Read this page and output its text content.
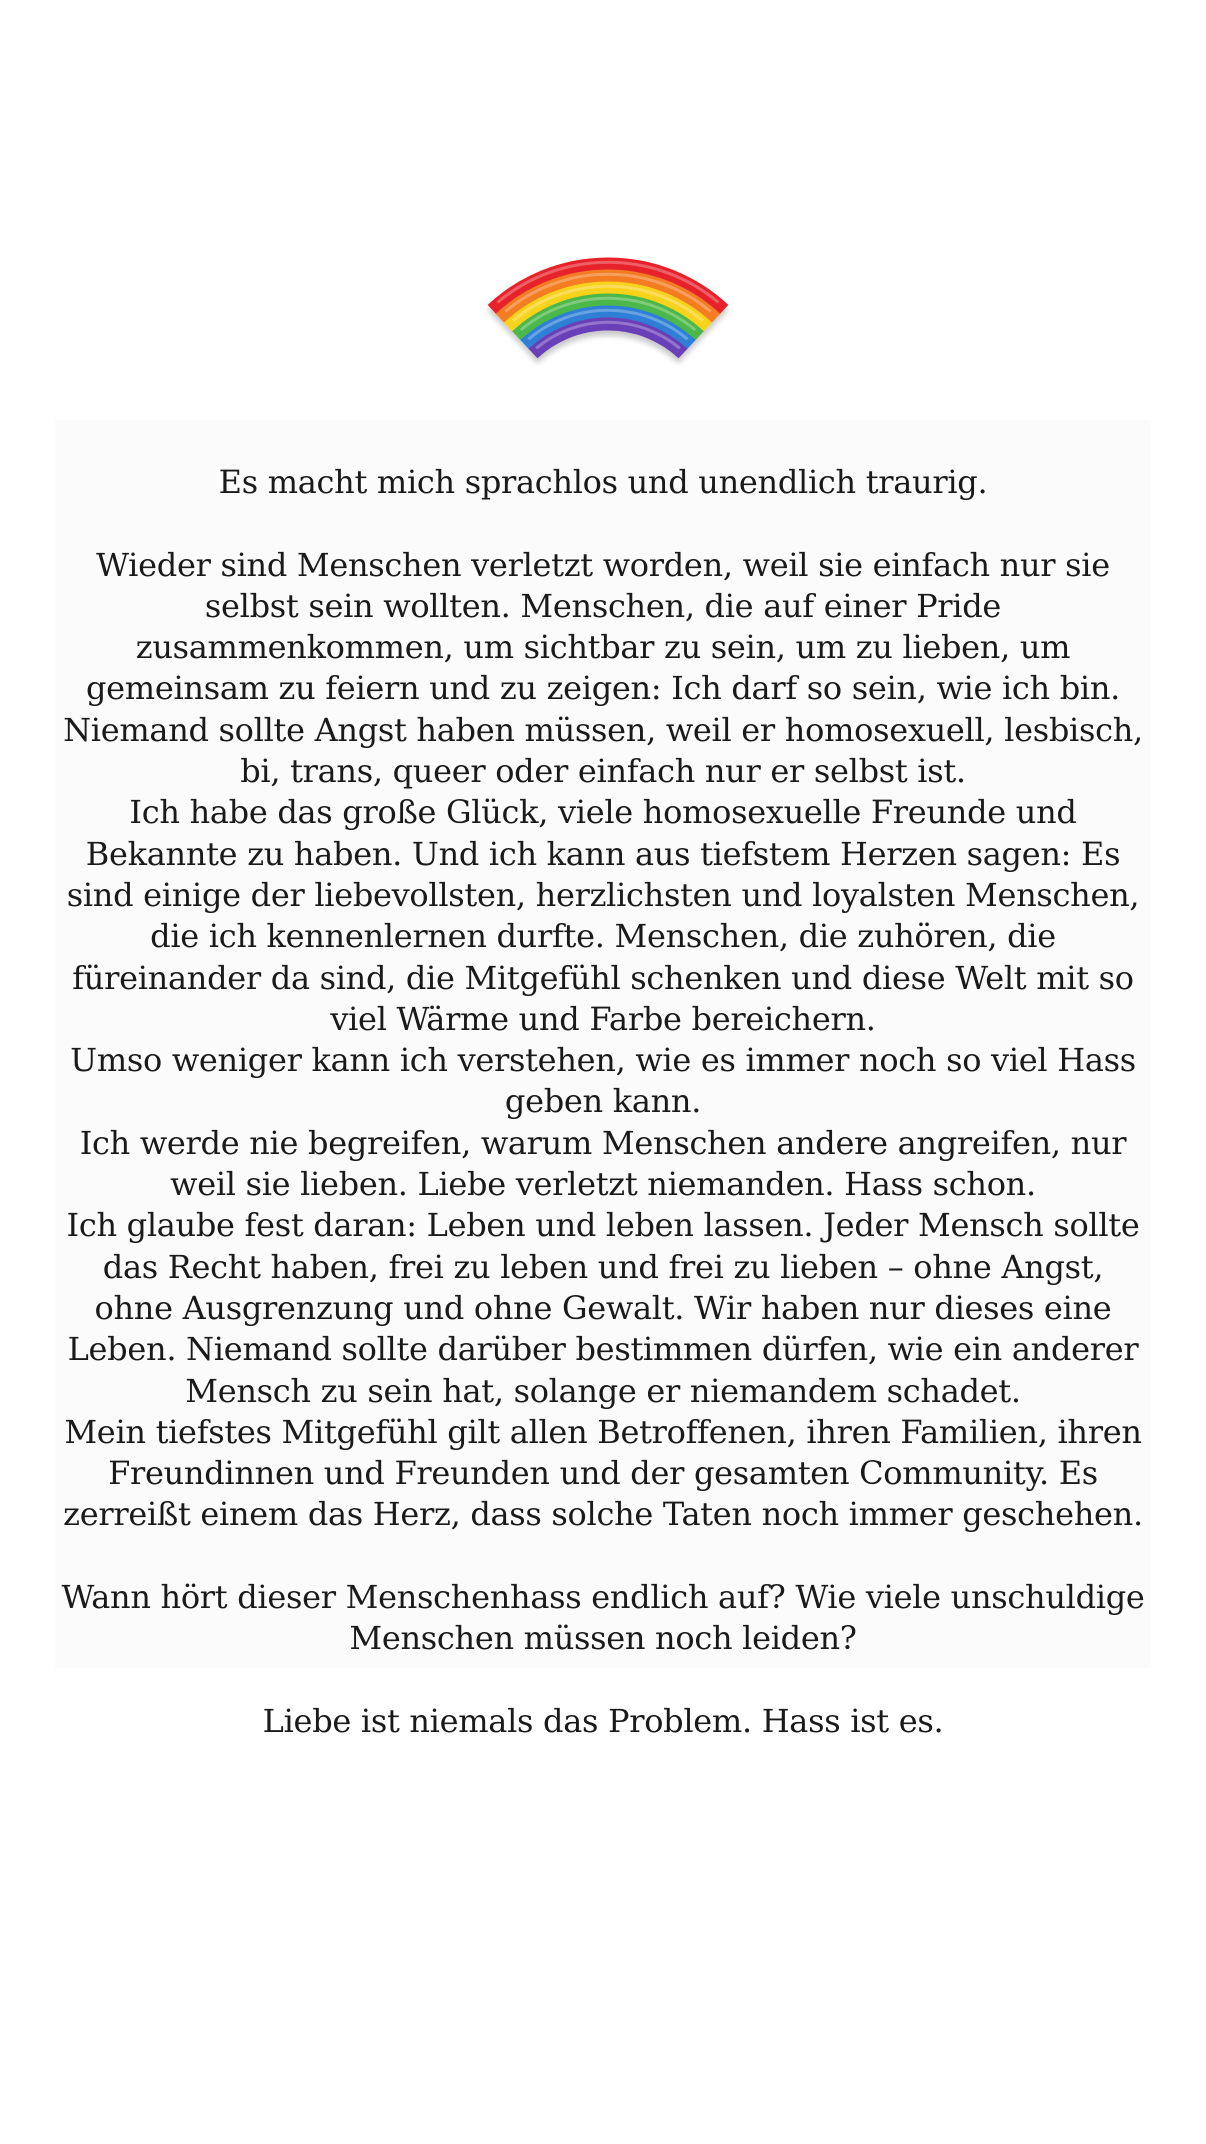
Es macht mich sprachlos und unendlich traurig.

Wieder sind Menschen verletzt worden, weil sie einfach nur sie selbst sein wollten. Menschen, die auf einer Pride zusammenkommen, um sichtbar zu sein, um zu lieben, um gemeinsam zu feiern und zu zeigen: Ich darf so sein, wie ich bin.

Niemand sollte Angst haben müssen, weil er homosexuell, lesbisch, bi, trans, queer oder einfach nur er selbst ist.

Ich habe das große Glück, viele homosexuelle Freunde und Bekannte zu haben. Und ich kann aus tiefstem Herzen sagen: Es sind einige der liebevollsten, herzlichsten und loyalsten Menschen, die ich kennenlernen durfte. Menschen, die zuhören, die füreinander da sind, die Mitgefühl schenken und diese Welt mit so viel Wärme und Farbe bereichern.

Umso weniger kann ich verstehen, wie es immer noch so viel Hass geben kann.

Ich werde nie begreifen, warum Menschen andere angreifen, nur weil sie lieben. Liebe verletzt niemanden. Hass schon.

Ich glaube fest daran: Leben und leben lassen. Jeder Mensch sollte das Recht haben, frei zu leben und frei zu lieben – ohne Angst, ohne Ausgrenzung und ohne Gewalt. Wir haben nur dieses eine Leben. Niemand sollte darüber bestimmen dürfen, wie ein anderer Mensch zu sein hat, solange er niemandem schadet.

Mein tiefstes Mitgefühl gilt allen Betroffenen, ihren Familien, ihren Freundinnen und Freunden und der gesamten Community. Es zerreißt einem das Herz, dass solche Taten noch immer geschehen.

Wann hört dieser Menschenhass endlich auf? Wie viele unschuldige Menschen müssen noch leiden?

Liebe ist niemals das Problem. Hass ist es.
